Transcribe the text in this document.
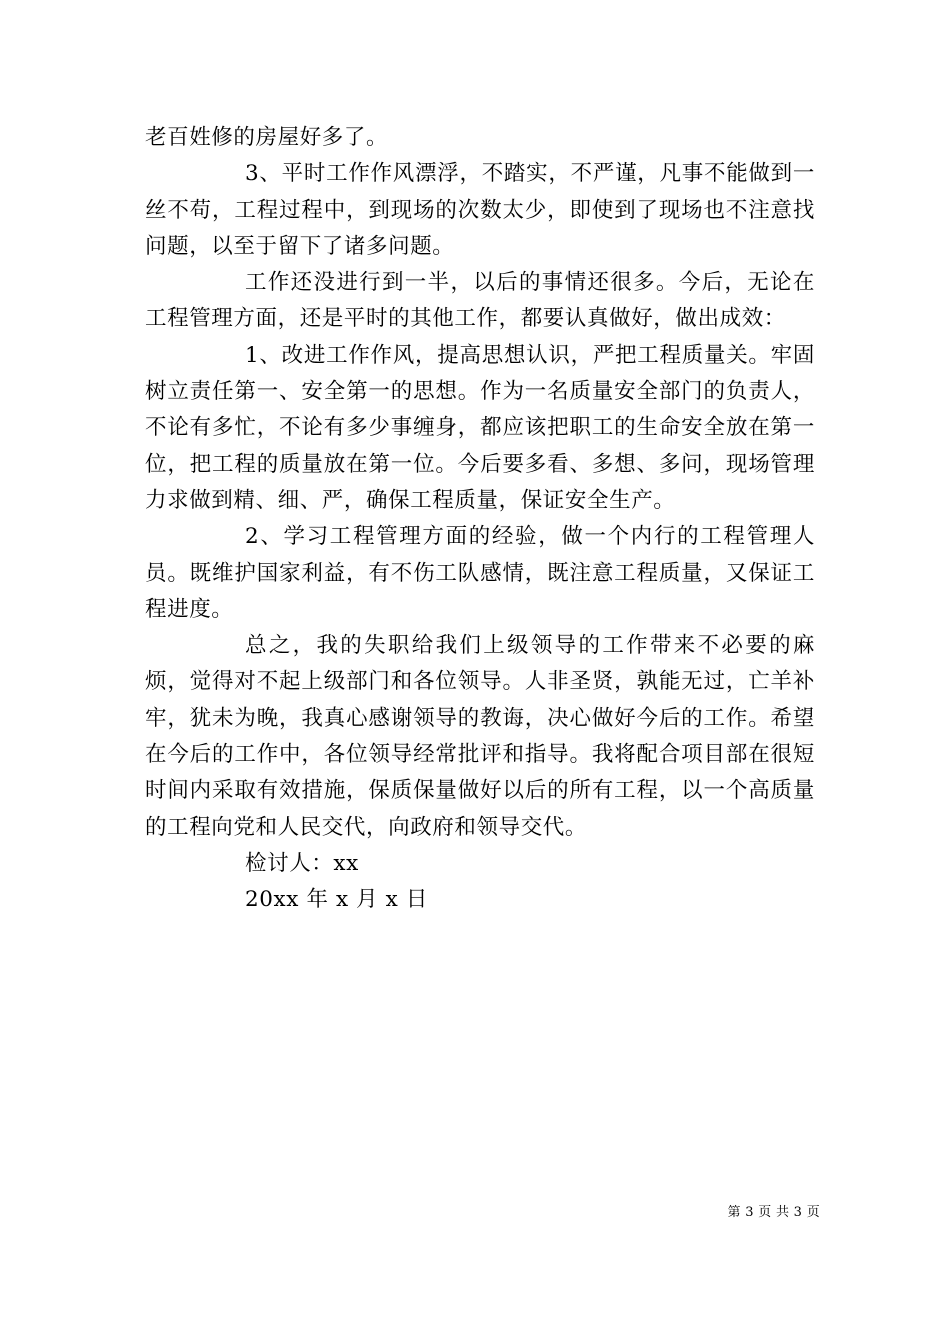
老百姓修的房屋好多了。

3、平时工作作风漂浮，不踏实，不严谨，凡事不能做到一丝不苟，工程过程中，到现场的次数太少，即使到了现场也不注意找问题，以至于留下了诸多问题。

工作还没进行到一半，以后的事情还很多。今后，无论在工程管理方面，还是平时的其他工作，都要认真做好，做出成效：

1、改进工作作风，提高思想认识，严把工程质量关。牢固树立责任第一、安全第一的思想。作为一名质量安全部门的负责人，不论有多忙，不论有多少事缠身，都应该把职工的生命安全放在第一位，把工程的质量放在第一位。今后要多看、多想、多问，现场管理力求做到精、细、严，确保工程质量，保证安全生产。

2、学习工程管理方面的经验，做一个内行的工程管理人员。既维护国家利益，有不伤工队感情，既注意工程质量，又保证工程进度。

总之，我的失职给我们上级领导的工作带来不必要的麻烦，觉得对不起上级部门和各位领导。人非圣贤，孰能无过，亡羊补牢，犹未为晚，我真心感谢领导的教诲，决心做好今后的工作。希望在今后的工作中，各位领导经常批评和指导。我将配合项目部在很短时间内采取有效措施，保质保量做好以后的所有工程，以一个高质量的工程向党和人民交代，向政府和领导交代。

检讨人：xx

20xx 年 x 月 x 日

第 3 页 共 3 页
